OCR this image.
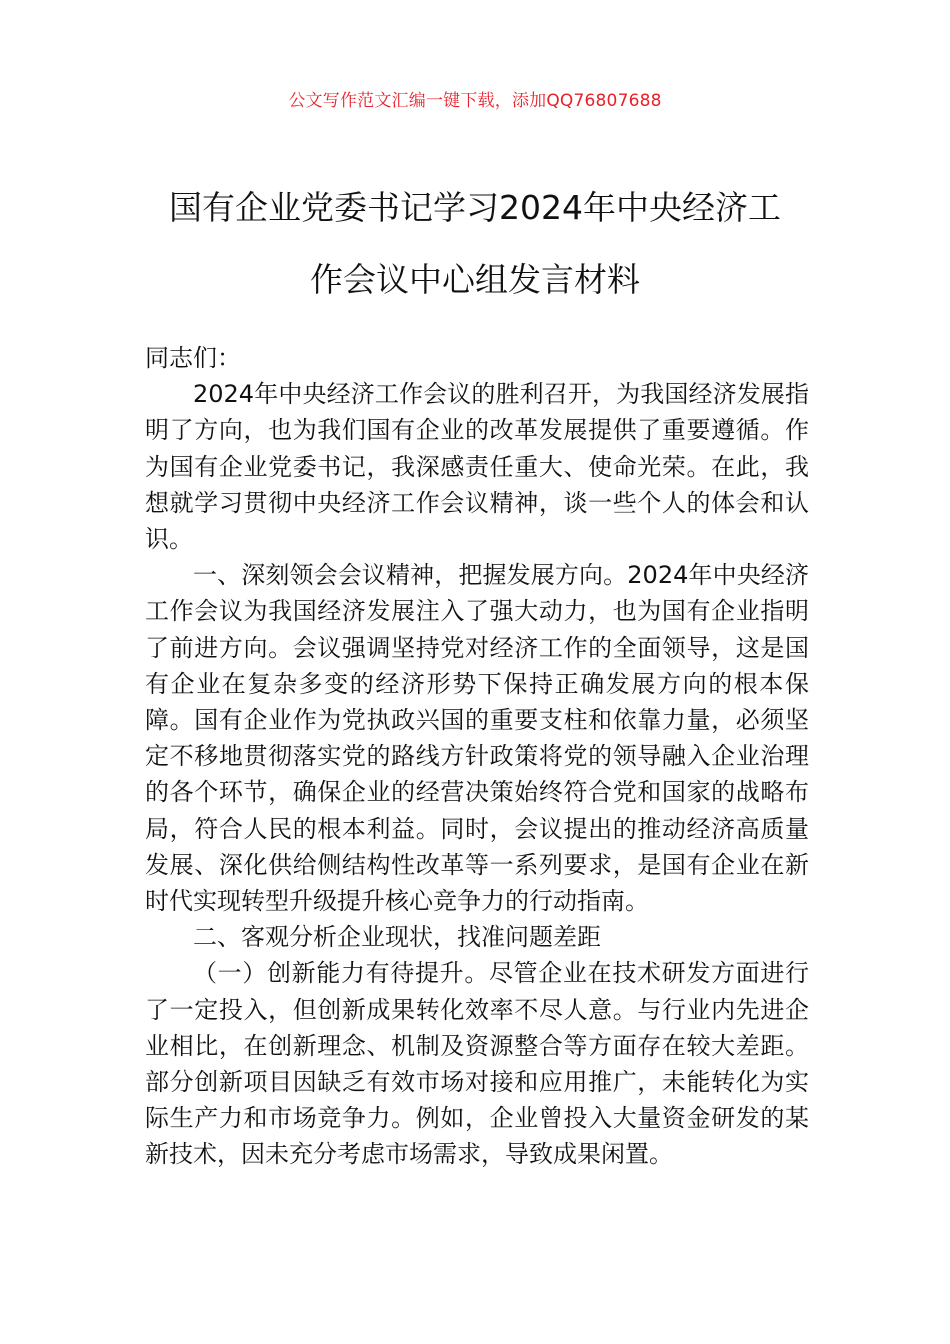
公文写作范文汇编一键下载，添加QQ76807688
国有企业党委书记学习2024年中央经济工
作会议中心组发言材料

同志们：

2024年中央经济工作会议的胜利召开，为我国经济发展指明了方向，也为我们国有企业的改革发展提供了重要遵循。作为国有企业党委书记，我深感责任重大、使命光荣。在此，我想就学习贯彻中央经济工作会议精神，谈一些个人的体会和认识。

一、深刻领会会议精神，把握发展方向。2024年中央经济工作会议为我国经济发展注入了强大动力，也为国有企业指明了前进方向。会议强调坚持党对经济工作的全面领导，这是国有企业在复杂多变的经济形势下保持正确发展方向的根本保障。国有企业作为党执政兴国的重要支柱和依靠力量，必须坚定不移地贯彻落实党的路线方针政策将党的领导融入企业治理的各个环节，确保企业的经营决策始终符合党和国家的战略布局，符合人民的根本利益。同时，会议提出的推动经济高质量发展、深化供给侧结构性改革等一系列要求，是国有企业在新时代实现转型升级提升核心竞争力的行动指南。

二、客观分析企业现状，找准问题差距

（一）创新能力有待提升。尽管企业在技术研发方面进行了一定投入，但创新成果转化效率不尽人意。与行业内先进企业相比，在创新理念、机制及资源整合等方面存在较大差距。部分创新项目因缺乏有效市场对接和应用推广，未能转化为实际生产力和市场竞争力。例如，企业曾投入大量资金研发的某新技术，因未充分考虑市场需求，导致成果闲置。
